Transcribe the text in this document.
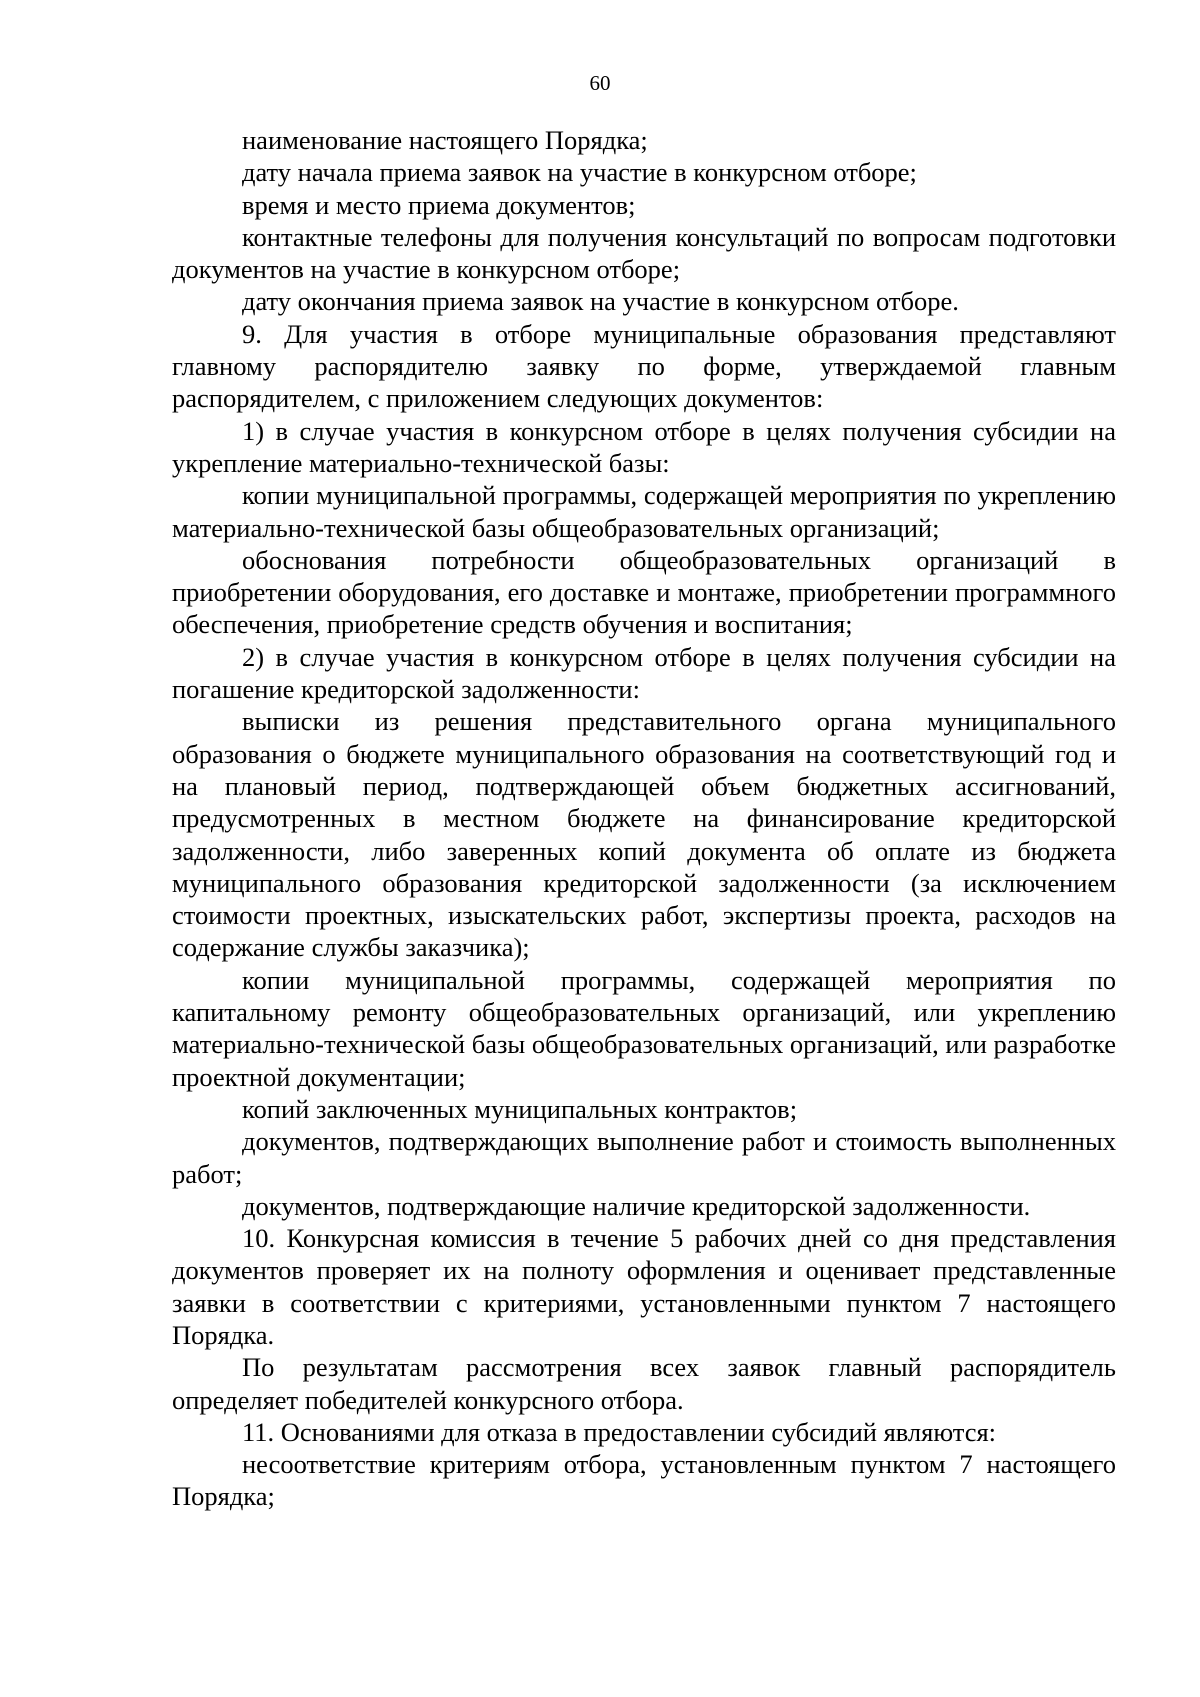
60

наименование настоящего Порядка;

дату начала приема заявок на участие в конкурсном отборе;

время и место приема документов;

контактные телефоны для получения консультаций по вопросам подготовки документов на участие в конкурсном отборе;

дату окончания приема заявок на участие в конкурсном отборе.

9. Для участия в отборе муниципальные образования представляют главному распорядителю заявку по форме, утверждаемой главным распорядителем, с приложением следующих документов:

1) в случае участия в конкурсном отборе в целях получения субсидии на укрепление материально-технической базы:

копии муниципальной программы, содержащей мероприятия по укреплению материально-технической базы общеобразовательных организаций;

обоснования потребности общеобразовательных организаций в приобретении оборудования, его доставке и монтаже, приобретении программного обеспечения, приобретение средств обучения и воспитания;

2) в случае участия в конкурсном отборе в целях получения субсидии на погашение кредиторской задолженности:

выписки из решения представительного органа муниципального образования о бюджете муниципального образования на соответствующий год и на плановый период, подтверждающей объем бюджетных ассигнований, предусмотренных в местном бюджете на финансирование кредиторской задолженности, либо заверенных копий документа об оплате из бюджета муниципального образования кредиторской задолженности (за исключением стоимости проектных, изыскательских работ, экспертизы проекта, расходов на содержание службы заказчика);

копии муниципальной программы, содержащей мероприятия по капитальному ремонту общеобразовательных организаций, или укреплению материально-технической базы общеобразовательных организаций, или разработке проектной документации;

копий заключенных муниципальных контрактов;

документов, подтверждающих выполнение работ и стоимость выполненных работ;

документов, подтверждающие наличие кредиторской задолженности.

10. Конкурсная комиссия в течение 5 рабочих дней со дня представления документов проверяет их на полноту оформления и оценивает представленные заявки в соответствии с критериями, установленными пунктом 7 настоящего Порядка.

По результатам рассмотрения всех заявок главный распорядитель определяет победителей конкурсного отбора.

11. Основаниями для отказа в предоставлении субсидий являются:

несоответствие критериям отбора, установленным пунктом 7 настоящего Порядка;
